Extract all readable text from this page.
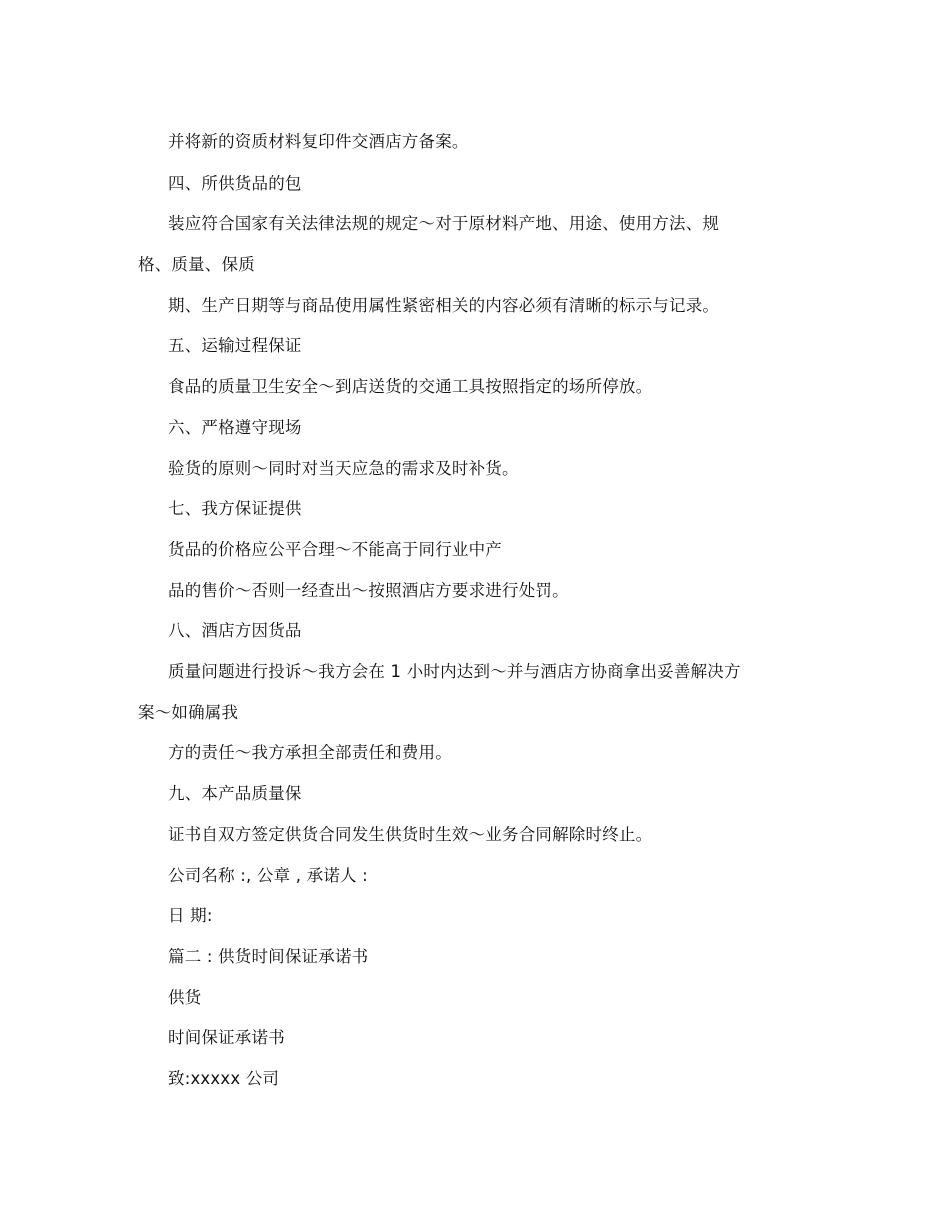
并将新的资质材料复印件交酒店方备案。
四、所供货品的包
装应符合国家有关法律法规的规定～对于原材料产地、用途、使用方法、规
格、质量、保质
期、生产日期等与商品使用属性紧密相关的内容必须有清晰的标示与记录。
五、运输过程保证
食品的质量卫生安全～到店送货的交通工具按照指定的场所停放。
六、严格遵守现场
验货的原则～同时对当天应急的需求及时补货。
七、我方保证提供
货品的价格应公平合理～不能高于同行业中产
品的售价～否则一经查出～按照酒店方要求进行处罚。
八、酒店方因货品
质量问题进行投诉～我方会在 1 小时内达到～并与酒店方协商拿出妥善解决方
案～如确属我
方的责任～我方承担全部责任和费用。
九、本产品质量保
证书自双方签定供货合同发生供货时生效～业务合同解除时终止。
公司名称 :, 公章 , 承诺人 :
日 期:
篇二 : 供货时间保证承诺书
供货
时间保证承诺书
致:xxxxx 公司
